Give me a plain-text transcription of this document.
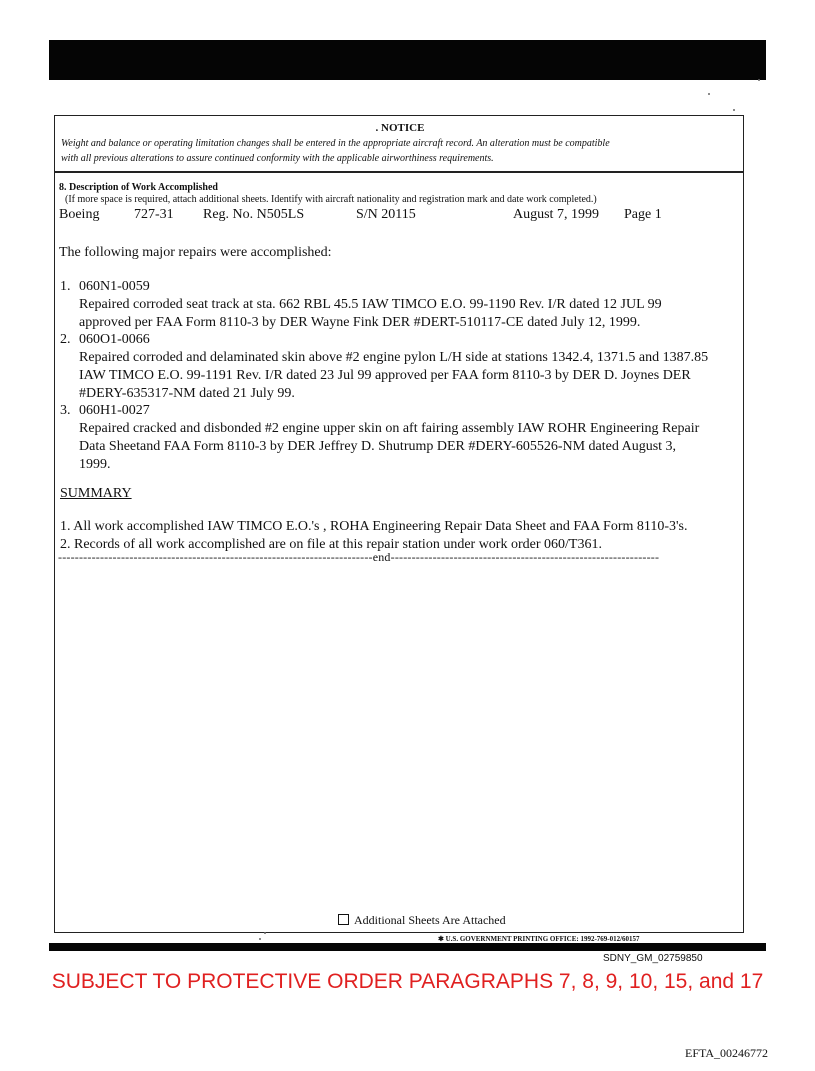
. NOTICE
Weight and balance or operating limitation changes shall be entered in the appropriate aircraft record. An alteration must be compatible
with all previous alterations to assure continued conformity with the applicable airworthiness requirements.
8. Description of Work Accomplished
(If more space is required, attach additional sheets. Identify with aircraft nationality and registration mark and date work completed.)
Boeing 727-31 Reg. No. N505LS	S/N 20115	August 7, 1999 Page 1
The following major repairs were accomplished:
1. 060N1-0059
Repaired corroded seat track at sta. 662 RBL 45.5 IAW TIMCO E.O. 99-1190 Rev. I/R dated 12 JUL 99
approved per FAA Form 8110-3 by DER Wayne Fink DER #DERT-510117-CE dated July 12, 1999.
2. 060O1-0066
Repaired corroded and delaminated skin above #2 engine pylon L/H side at stations 1342.4, 1371.5 and 1387.85
IAW TIMCO E.O. 99-1191 Rev. I/R dated 23 Jul 99 approved per FAA form 8110-3 by DER D. Joynes DER
#DERY-635317-NM dated 21 July 99.
3. 060H1-0027
Repaired cracked and disbonded #2 engine upper skin on aft fairing assembly IAW ROHR Engineering Repair
Data Sheetand FAA Form 8110-3 by DER Jeffrey D. Shutrump DER #DERY-605526-NM dated August 3,
1999.
SUMMARY
1. All work accomplished IAW TIMCO E.O.'s , ROHA Engineering Repair Data Sheet and FAA Form 8110-3's.
2. Records of all work accomplished are on file at this repair station under work order 060/T361.
---------------------------------------------------------------------------end----------------------------------------------------------------
Additional Sheets Are Attached
✱ U.S. GOVERNMENT PRINTING OFFICE: 1992-769-012/60157
SDNY_GM_02759850
SUBJECT TO PROTECTIVE ORDER PARAGRAPHS 7, 8, 9, 10, 15, and 17
EFTA_00246772
